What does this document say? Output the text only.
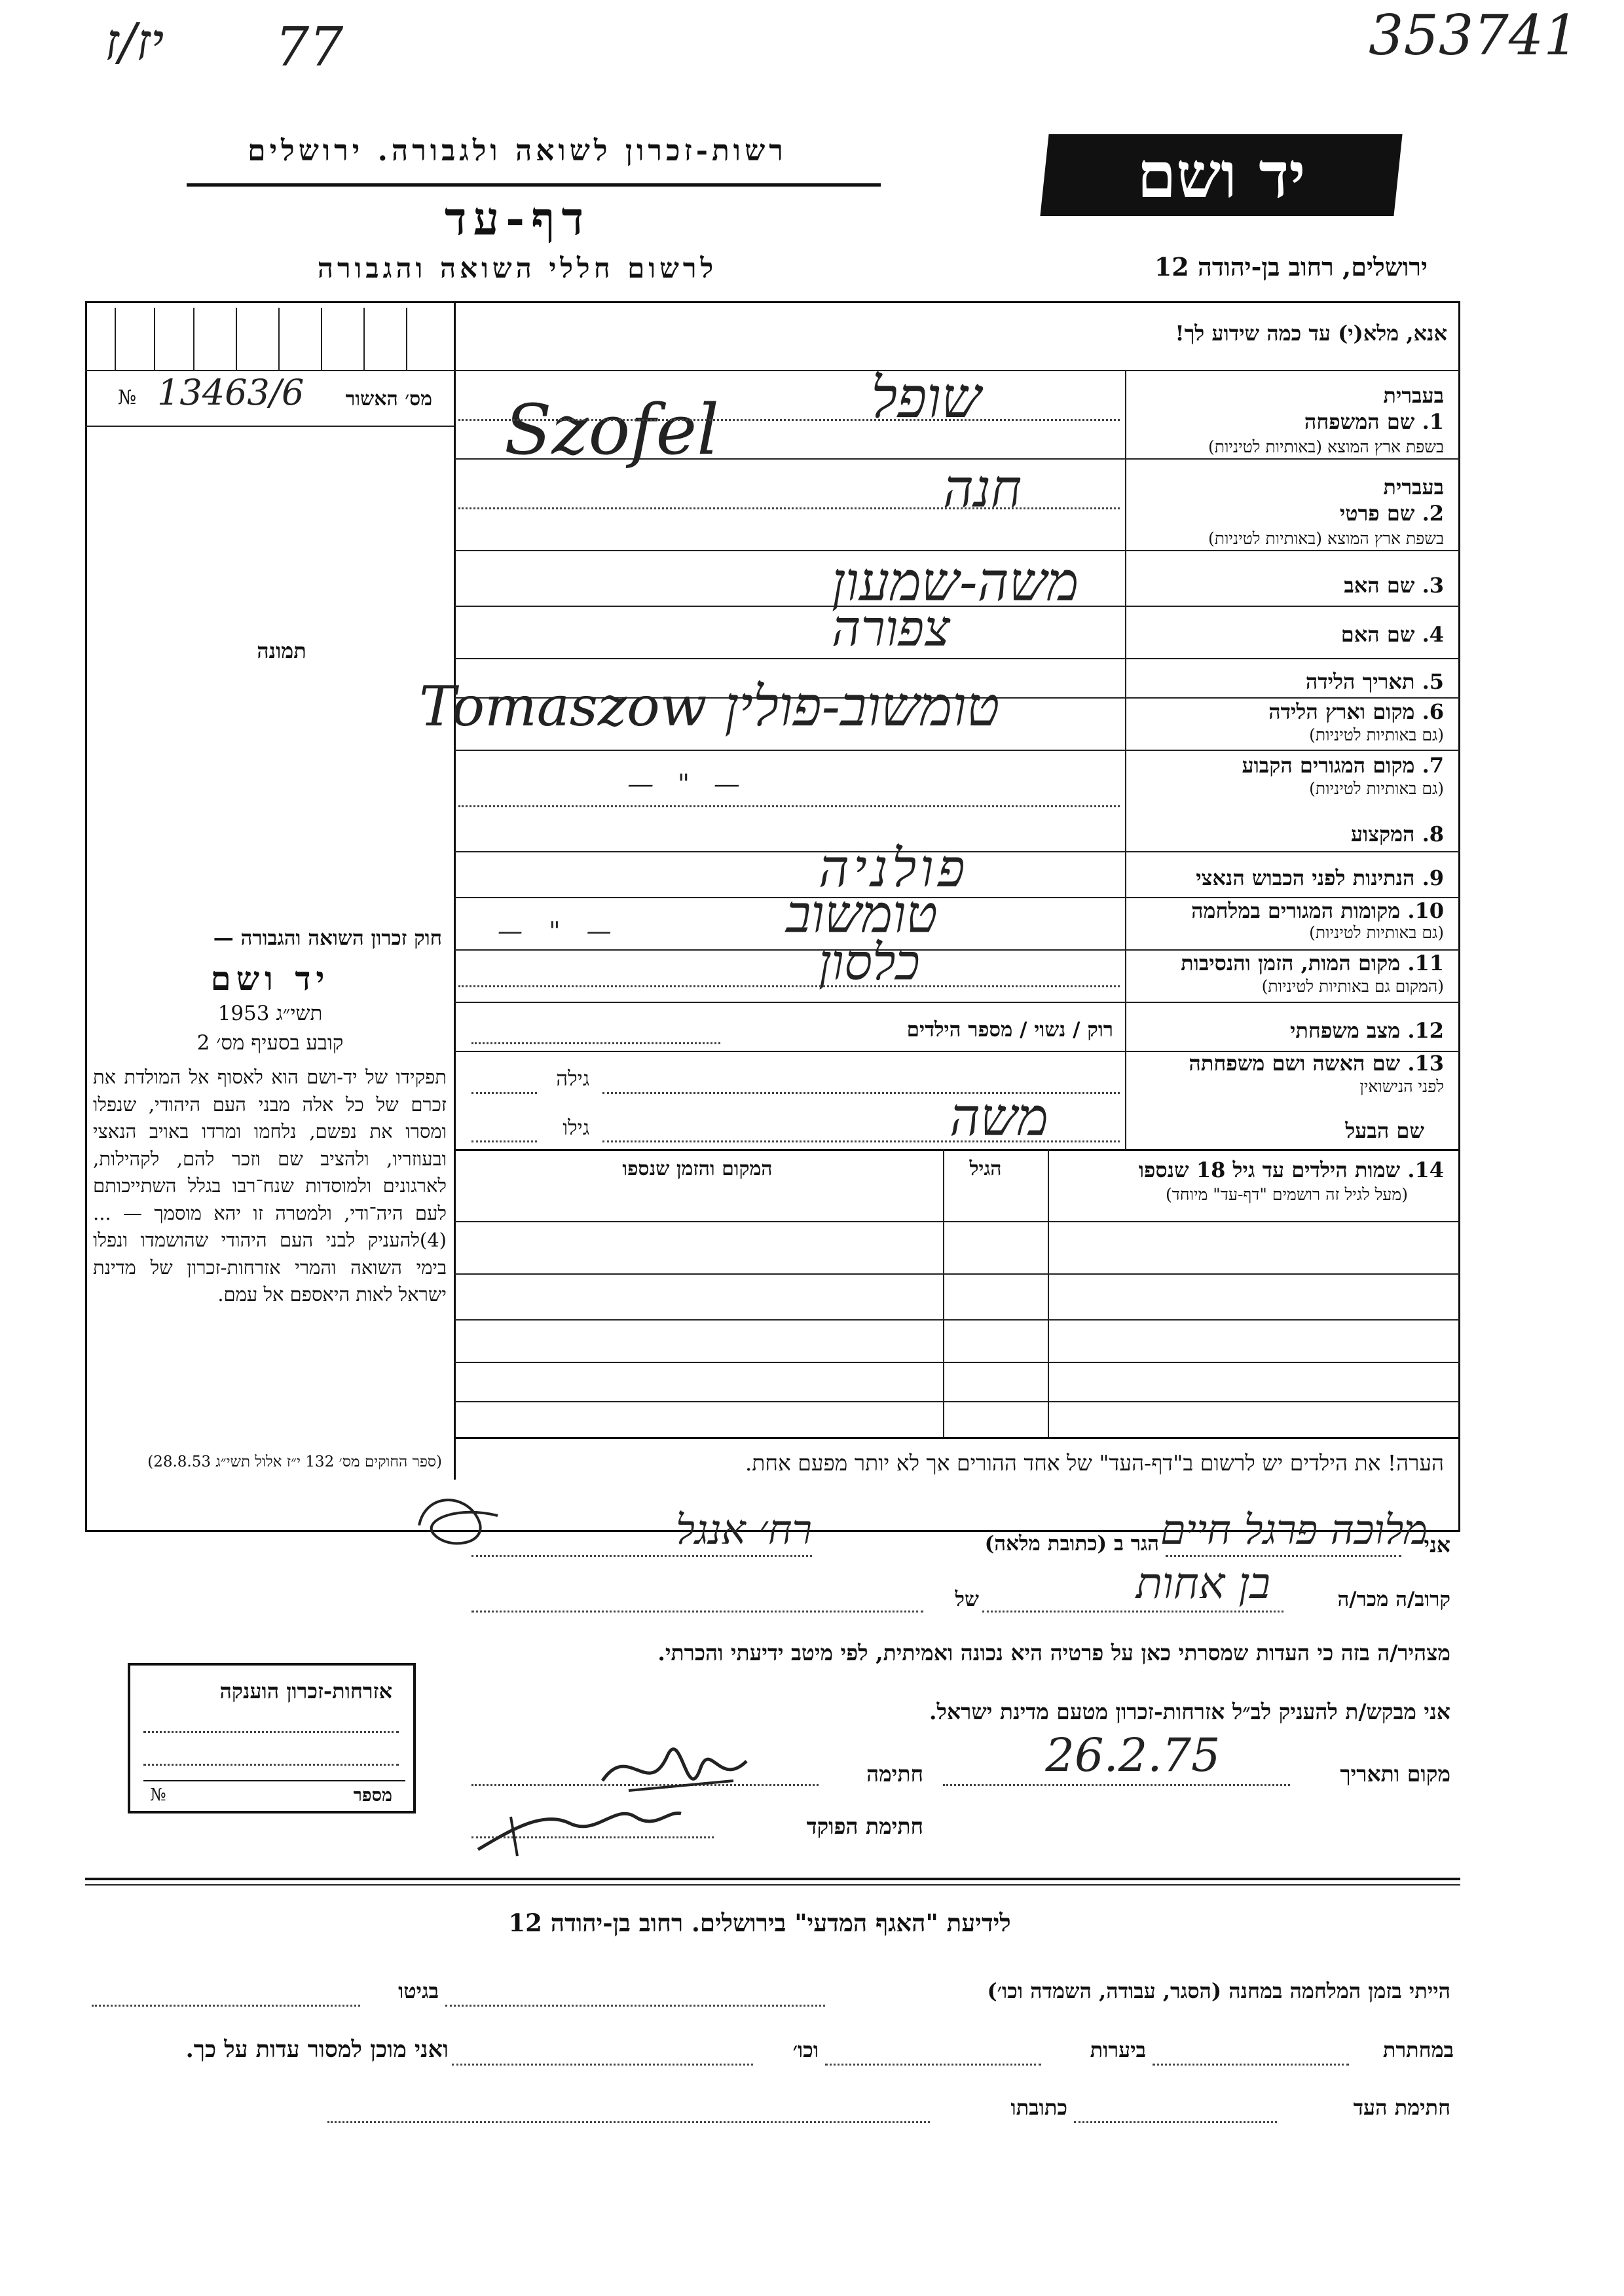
יז/ז 77	353741
רשות-זכרון לשואה ולגבורה. ירושלים
דף-עד
לרשום חללי השואה והגבורה
יד ושם
ירושלים, רחוב בן-יהודה 12
מס׳ האשור
№ 13463/6
תמונה
חוק זכרון השואה והגבורה —
יד ושם
תשי״ג 1953
קובע בסעיף מס׳ 2
תפקידו של יד-ושם הוא לאסוף אל המולדת את זכרם של כל אלה מבני העם היהודי, שנפלו ומסרו את נפשם, נלחמו ומרדו באויב הנאצי ובעוזריו, ולהציב שם וזכר להם, לקהילות, לארגונים ולמוסדות שנח־רבו בגלל השתייכותם לעם היה־ודי, ולמטרה זו יהא מוסמך — ...(4)להעניק לבני העם היהודי שהושמדו ונפלו בימי השואה והמרי אזרחות-זכרון של מדינת ישראל לאות היאספם אל עמם.
(ספר החוקים מס׳ 132 י״ז אלול תשי״ג 28.8.53)
אנא, מלא(י) עד כמה שידוע לך!
בעברית
1. שם המשפחה
בשפת ארץ המוצא (באותיות לטיניות)
שופל
Szofel
בעברית
2. שם פרטי
בשפת ארץ המוצא (באותיות לטיניות)
חנה
3. שם האב
משה-שמעון
4. שם האם
צפורה
5. תאריך הלידה
6. מקום וארץ הלידה
(גם באותיות לטיניות)
Tomaszow טומשוב-פולין
7. מקום המגורים הקבוע
(גם באותיות לטיניות)
— " —
8. המקצוע
9. הנתינות לפני הכבוש הנאצי
פולניה
10. מקומות המגורים במלחמה
(גם באותיות לטיניות)
טומשוב
— " —
11. מקום המות, הזמן והנסיבות
(המקום גם באותיות לטיניות)
כלסון
12. מצב משפחתי
רוק / נשוי / מספר הילדים
13. שם האשה ושם משפחתה
לפני הנישואין
גילה
שם הבעל
משה
גילו
14. שמות הילדים עד גיל 18 שנספו
(מעל לגיל זה רושמים "דף-עד" מיוחד)
הגיל
המקום והזמן שנספו
הערה! את הילדים יש לרשום ב"דף-העד" של אחד ההורים אך לא יותר מפעם אחת.
אני
מלוכה פרגל חיים
הגר ב (כתובת מלאה)
רח׳ אנגל
קרוב/ה מכר/ה
בן אחות
של
מצהיר/ה בזה כי העדות שמסרתי כאן על פרטיה היא נכונה ואמיתית, לפי מיטב ידיעתי והכרתי.
אני מבקש/ת להעניק לב״ל אזרחות-זכרון מטעם מדינת ישראל.
מקום ותאריך
26.2.75
חתימה
חתימת הפוקד
אזרחות-זכרון הוענקה
№	מספר
לידיעת "האגף המדעי" בירושלים. רחוב בן-יהודה 12
הייתי בזמן המלחמה במחנה (הסגר, עבודה, השמדה וכו׳)
בגיטו
במחתרת
ביערות
וכו׳
ואני מוכן למסור עדות על כך.
חתימת העד
כתובתו
